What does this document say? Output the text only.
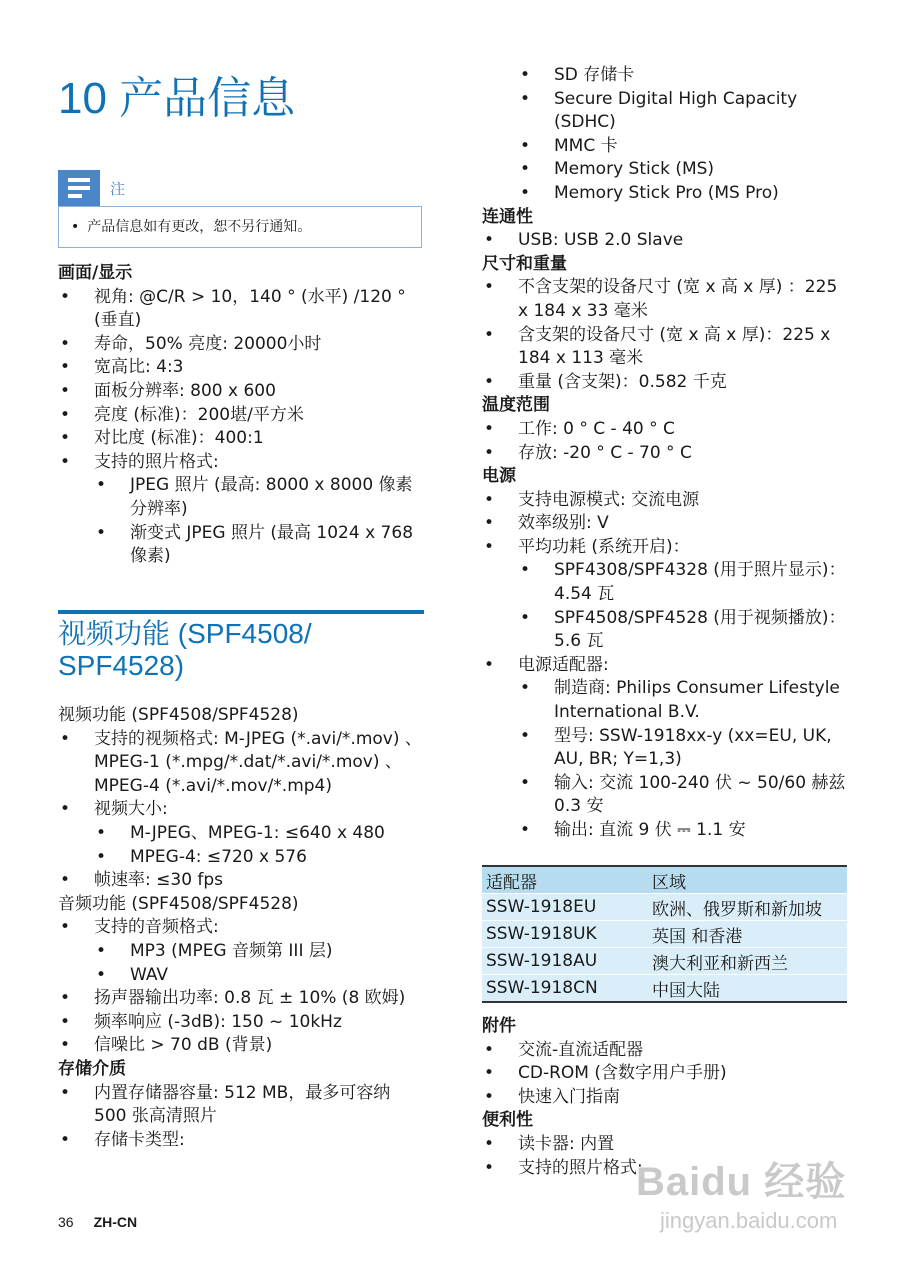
10 产品信息
注
• 产品信息如有更改，恕不另行通知。
画面/显示
• 视角: @C/R > 10，140 ° (水平) /120 ° (垂直)
• 寿命，50% 亮度: 20000小时
• 宽高比: 4:3
• 面板分辨率: 800 x 600
• 亮度 (标准)：200堪/平方米
• 对比度 (标准)：400:1
• 支持的照片格式:
• JPEG 照片 (最高: 8000 x 8000 像素分辨率)
• 渐变式 JPEG 照片 (最高 1024 x 768 像素)
视频功能 (SPF4508/ SPF4528)
视频功能 (SPF4508/SPF4528)
• 支持的视频格式: M-JPEG (*.avi/*.mov) 、MPEG-1 (*.mpg/*.dat/*.avi/*.mov) 、MPEG-4 (*.avi/*.mov/*.mp4)
• 视频大小:
• M-JPEG、MPEG-1: ≤640 x 480
• MPEG-4: ≤720 x 576
• 帧速率: ≤30 fps
音频功能 (SPF4508/SPF4528)
• 支持的音频格式:
• MP3 (MPEG 音频第 III 层)
• WAV
• 扬声器输出功率: 0.8 瓦 ± 10% (8 欧姆)
• 频率响应 (-3dB): 150 ~ 10kHz
• 信噪比 > 70 dB (背景)
存储介质
• 内置存储器容量: 512 MB，最多可容纳 500 张高清照片
• 存储卡类型:
• SD 存储卡
• Secure Digital High Capacity (SDHC)
• MMC 卡
• Memory Stick (MS)
• Memory Stick Pro (MS Pro)
连通性
• USB: USB 2.0 Slave
尺寸和重量
• 不含支架的设备尺寸 (宽 x 高 x 厚) ：225 x 184 x 33 毫米
• 含支架的设备尺寸 (宽 x 高 x 厚)：225 x 184 x 113 毫米
• 重量 (含支架)：0.582 千克
温度范围
• 工作: 0 ° C - 40 ° C
• 存放: -20 ° C - 70 ° C
电源
• 支持电源模式: 交流电源
• 效率级别: V
• 平均功耗 (系统开启)：
• SPF4308/SPF4328 (用于照片显示)：4.54 瓦
• SPF4508/SPF4528 (用于视频播放)：5.6 瓦
• 电源适配器:
• 制造商: Philips Consumer Lifestyle International B.V.
• 型号: SSW-1918xx-y (xx=EU, UK, AU, BR; Y=1,3)
• 输入: 交流 100-240 伏 ~ 50/60 赫兹 0.3 安
• 输出: 直流 9 伏 ⎓ 1.1 安
适配器	区域
SSW-1918EU	欧洲、俄罗斯和新加坡
SSW-1918UK	英国 和香港
SSW-1918AU	澳大利亚和新西兰
SSW-1918CN	中国大陆
附件
• 交流-直流适配器
• CD-ROM (含数字用户手册)
• 快速入门指南
便利性
• 读卡器: 内置
• 支持的照片格式:
36 ZH-CN
Baidu 经验
jingyan.baidu.com
